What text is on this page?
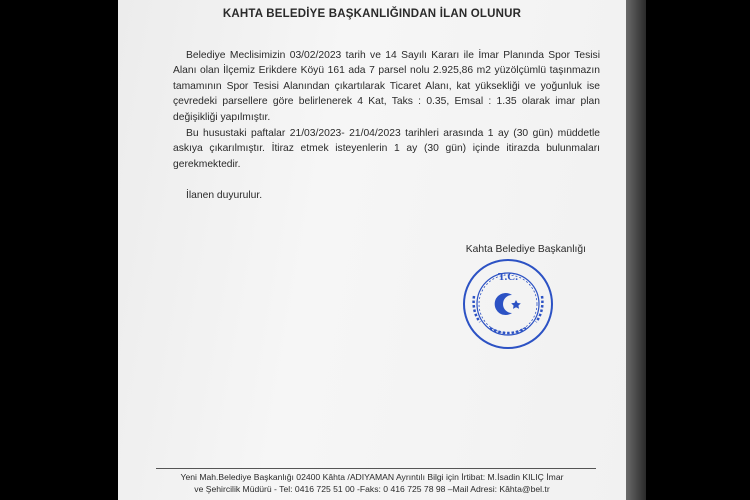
KAHTA BELEDİYE BAŞKANLIĞINDAN İLAN OLUNUR

Belediye Meclisimizin 03/02/2023 tarih ve 14 Sayılı Kararı ile İmar Planında Spor Tesisi Alanı olan İlçemiz Erikdere Köyü 161 ada 7 parsel nolu 2.925,86 m2 yüzölçümlü taşınmazın tamamının Spor Tesisi Alanından çıkartılarak Ticaret Alanı, kat yüksekliği ve yoğunluk ise çevredeki parsellere göre belirlenerek 4 Kat, Taks : 0.35, Emsal : 1.35 olarak imar plan değişikliği yapılmıştır.

Bu husustaki paftalar 21/03/2023- 21/04/2023 tarihleri arasında 1 ay (30 gün) müddetle askıya çıkarılmıştır. İtiraz etmek isteyenlerin 1 ay (30 gün) içinde itirazda bulunmaları gerekmektedir.

İlanen duyurulur.

Kahta Belediye Başkanlığı
T.C.
Yeni Mah.Belediye Başkanlığı 02400 Kâhta /ADIYAMAN Ayrıntılı Bilgi için İrtibat: M.İsadin KILIÇ İmar
ve Şehircilik Müdürü - Tel: 0416 725 51 00 -Faks: 0 416 725 78 98 –Mail Adresi: Kâhta@bel.tr
